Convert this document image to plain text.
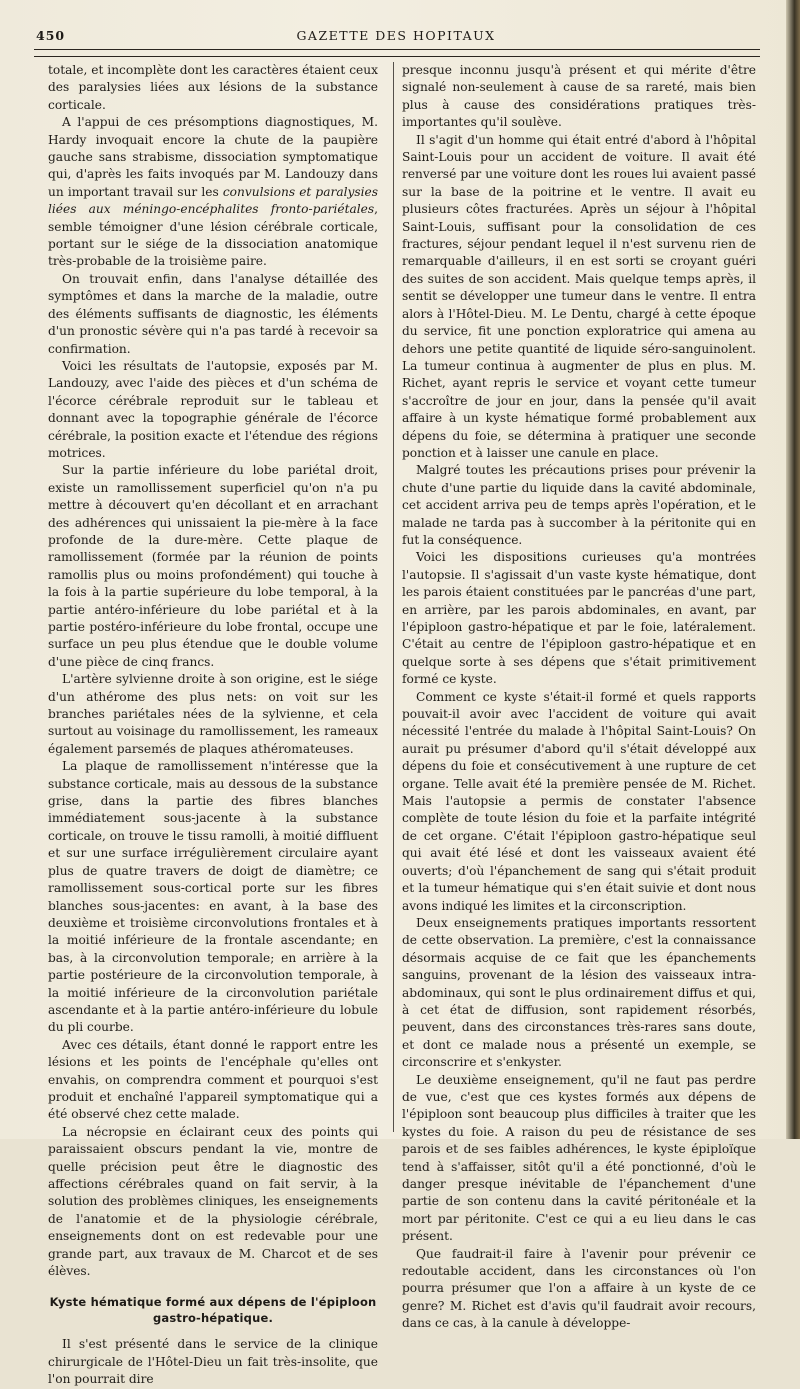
450	GAZETTE DES HOPITAUX

totale, et incomplète dont les caractères étaient ceux des paralysies liées aux lésions de la substance corticale.

A l'appui de ces présomptions diagnostiques, M. Hardy invoquait encore la chute de la paupière gauche sans strabisme, dissociation symptomatique qui, d'après les faits invoqués par M. Landouzy dans un important travail sur les convulsions et paralysies liées aux méningo-encéphalites fronto-pariétales, semble témoigner d'une lésion cérébrale corticale, portant sur le siége de la dissociation anatomique très-probable de la troisième paire.

On trouvait enfin, dans l'analyse détaillée des symptômes et dans la marche de la maladie, outre des éléments suffisants de diagnostic, les éléments d'un pronostic sévère qui n'a pas tardé à recevoir sa confirmation.

Voici les résultats de l'autopsie, exposés par M. Landouzy, avec l'aide des pièces et d'un schéma de l'écorce cérébrale reproduit sur le tableau et donnant avec la topographie générale de l'écorce cérébrale, la position exacte et l'étendue des régions motrices.

Sur la partie inférieure du lobe pariétal droit, existe un ramollissement superficiel qu'on n'a pu mettre à découvert qu'en décollant et en arrachant des adhérences qui unissaient la pie-mère à la face profonde de la dure-mère. Cette plaque de ramollissement (formée par la réunion de points ramollis plus ou moins profondément) qui touche à la fois à la partie supérieure du lobe temporal, à la partie antéro-inférieure du lobe pariétal et à la partie postéro-inférieure du lobe frontal, occupe une surface un peu plus étendue que le double volume d'une pièce de cinq francs.

L'artère sylvienne droite à son origine, est le siége d'un athérome des plus nets: on voit sur les branches pariétales nées de la sylvienne, et cela surtout au voisinage du ramollissement, les rameaux également parsemés de plaques athéromateuses.

La plaque de ramollissement n'intéresse que la substance corticale, mais au dessous de la substance grise, dans la partie des fibres blanches immédiatement sous-jacente à la substance corticale, on trouve le tissu ramolli, à moitié diffluent et sur une surface irrégulièrement circulaire ayant plus de quatre travers de doigt de diamètre; ce ramollissement sous-cortical porte sur les fibres blanches sous-jacentes: en avant, à la base des deuxième et troisième circonvolutions frontales et à la moitié inférieure de la frontale ascendante; en bas, à la circonvolution temporale; en arrière à la partie postérieure de la circonvolution temporale, à la moitié inférieure de la circonvolution pariétale ascendante et à la partie antéro-inférieure du lobule du pli courbe.

Avec ces détails, étant donné le rapport entre les lésions et les points de l'encéphale qu'elles ont envahis, on comprendra comment et pourquoi s'est produit et enchaîné l'appareil symptomatique qui a été observé chez cette malade.

La nécropsie en éclairant ceux des points qui paraissaient obscurs pendant la vie, montre de quelle précision peut être le diagnostic des affections cérébrales quand on fait servir, à la solution des problèmes cliniques, les enseignements de l'anatomie et de la physiologie cérébrale, enseignements dont on est redevable pour une grande part, aux travaux de M. Charcot et de ses élèves.

Kyste hématique formé aux dépens de l'épiploon gastro-hépatique.

Il s'est présenté dans le service de la clinique chirurgicale de l'Hôtel-Dieu un fait très-insolite, que l'on pourrait dire

presque inconnu jusqu'à présent et qui mérite d'être signalé non-seulement à cause de sa rareté, mais bien plus à cause des considérations pratiques très-importantes qu'il soulève.

Il s'agit d'un homme qui était entré d'abord à l'hôpital Saint-Louis pour un accident de voiture. Il avait été renversé par une voiture dont les roues lui avaient passé sur la base de la poitrine et le ventre. Il avait eu plusieurs côtes fracturées. Après un séjour à l'hôpital Saint-Louis, suffisant pour la consolidation de ces fractures, séjour pendant lequel il n'est survenu rien de remarquable d'ailleurs, il en est sorti se croyant guéri des suites de son accident. Mais quelque temps après, il sentit se développer une tumeur dans le ventre. Il entra alors à l'Hôtel-Dieu. M. Le Dentu, chargé à cette époque du service, fit une ponction exploratrice qui amena au dehors une petite quantité de liquide séro-sanguinolent. La tumeur continua à augmenter de plus en plus. M. Richet, ayant repris le service et voyant cette tumeur s'accroître de jour en jour, dans la pensée qu'il avait affaire à un kyste hématique formé probablement aux dépens du foie, se détermina à pratiquer une seconde ponction et à laisser une canule en place.

Malgré toutes les précautions prises pour prévenir la chute d'une partie du liquide dans la cavité abdominale, cet accident arriva peu de temps après l'opération, et le malade ne tarda pas à succomber à la péritonite qui en fut la conséquence.

Voici les dispositions curieuses qu'a montrées l'autopsie. Il s'agissait d'un vaste kyste hématique, dont les parois étaient constituées par le pancréas d'une part, en arrière, par les parois abdominales, en avant, par l'épiploon gastro-hépatique et par le foie, latéralement. C'était au centre de l'épiploon gastro-hépatique et en quelque sorte à ses dépens que s'était primitivement formé ce kyste.

Comment ce kyste s'était-il formé et quels rapports pouvait-il avoir avec l'accident de voiture qui avait nécessité l'entrée du malade à l'hôpital Saint-Louis? On aurait pu présumer d'abord qu'il s'était développé aux dépens du foie et consécutivement à une rupture de cet organe. Telle avait été la première pensée de M. Richet. Mais l'autopsie a permis de constater l'absence complète de toute lésion du foie et la parfaite intégrité de cet organe. C'était l'épiploon gastro-hépatique seul qui avait été lésé et dont les vaisseaux avaient été ouverts; d'où l'épanchement de sang qui s'était produit et la tumeur hématique qui s'en était suivie et dont nous avons indiqué les limites et la circonscription.

Deux enseignements pratiques importants ressortent de cette observation. La première, c'est la connaissance désormais acquise de ce fait que les épanchements sanguins, provenant de la lésion des vaisseaux intra-abdominaux, qui sont le plus ordinairement diffus et qui, à cet état de diffusion, sont rapidement résorbés, peuvent, dans des circonstances très-rares sans doute, et dont ce malade nous a présenté un exemple, se circonscrire et s'enkyster.

Le deuxième enseignement, qu'il ne faut pas perdre de vue, c'est que ces kystes formés aux dépens de l'épiploon sont beaucoup plus difficiles à traiter que les kystes du foie. A raison du peu de résistance de ses parois et de ses faibles adhérences, le kyste épiploïque tend à s'affaisser, sitôt qu'il a été ponctionné, d'où le danger presque inévitable de l'épanchement d'une partie de son contenu dans la cavité péritonéale et la mort par péritonite. C'est ce qui a eu lieu dans le cas présent.

Que faudrait-il faire à l'avenir pour prévenir ce redoutable accident, dans les circonstances où l'on pourra présumer que l'on a affaire à un kyste de ce genre? M. Richet est d'avis qu'il faudrait avoir recours, dans ce cas, à la canule à développe-
